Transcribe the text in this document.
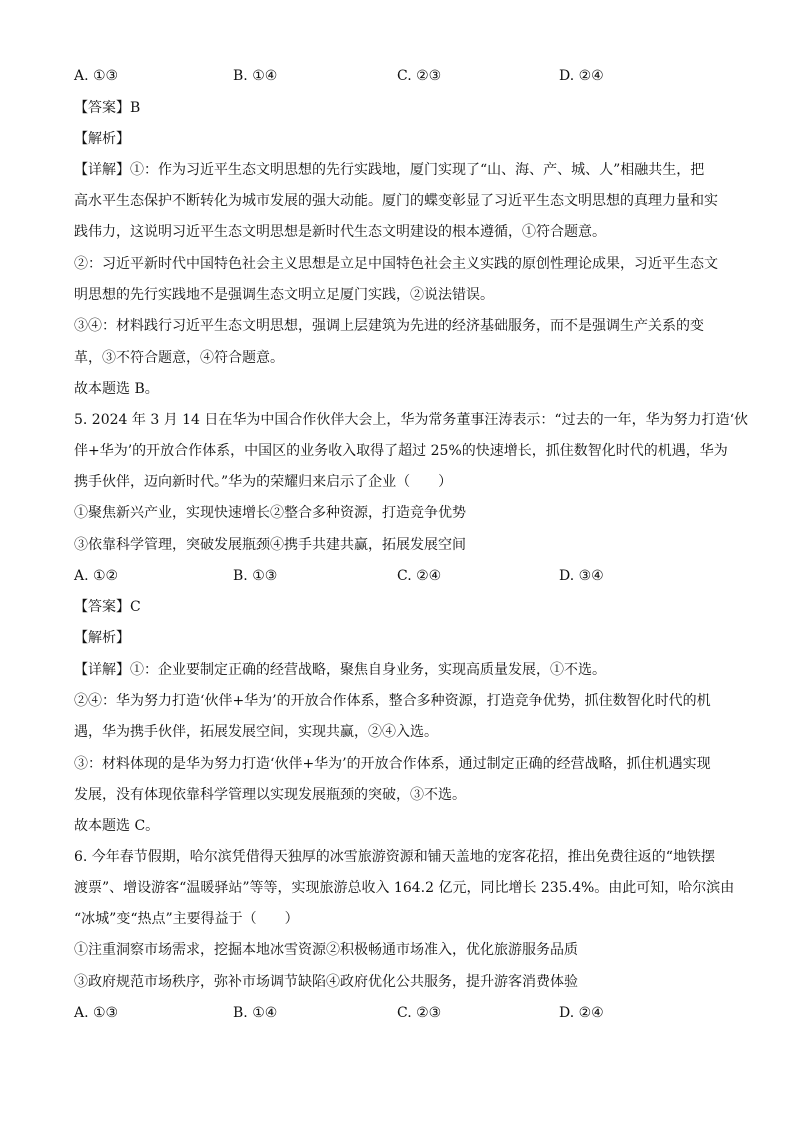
A. ①③	B. ①④	C. ②③	D. ②④
【答案】B
【解析】
【详解】①：作为习近平生态文明思想的先行实践地，厦门实现了“山、海、产、城、人”相融共生，把
高水平生态保护不断转化为城市发展的强大动能。厦门的蝶变彰显了习近平生态文明思想的真理力量和实
践伟力，这说明习近平生态文明思想是新时代生态文明建设的根本遵循，①符合题意。
②：习近平新时代中国特色社会主义思想是立足中国特色社会主义实践的原创性理论成果，习近平生态文
明思想的先行实践地不是强调生态文明立足厦门实践，②说法错误。
③④：材料践行习近平生态文明思想，强调上层建筑为先进的经济基础服务，而不是强调生产关系的变
革，③不符合题意，④符合题意。
故本题选 B。
5. 2024 年 3 月 14 日在华为中国合作伙伴大会上，华为常务董事汪涛表示：“过去的一年，华为努力打造‘伙
伴+华为’的开放合作体系，中国区的业务收入取得了超过 25%的快速增长，抓住数智化时代的机遇，华为
携手伙伴，迈向新时代。”华为的荣耀归来启示了企业（　　）
①聚焦新兴产业，实现快速增长②整合多种资源，打造竞争优势
③依靠科学管理，突破发展瓶颈④携手共建共赢，拓展发展空间
A. ①②	B. ①③	C. ②④	D. ③④
【答案】C
【解析】
【详解】①：企业要制定正确的经营战略，聚焦自身业务，实现高质量发展，①不选。
②④：华为努力打造‘伙伴+华为’的开放合作体系，整合多种资源，打造竞争优势，抓住数智化时代的机
遇，华为携手伙伴，拓展发展空间，实现共赢，②④入选。
③：材料体现的是华为努力打造‘伙伴+华为’的开放合作体系，通过制定正确的经营战略，抓住机遇实现
发展，没有体现依靠科学管理以实现发展瓶颈的突破，③不选。
故本题选 C。
6. 今年春节假期，哈尔滨凭借得天独厚的冰雪旅游资源和铺天盖地的宠客花招，推出免费往返的“地铁摆
渡票”、增设游客“温暖驿站”等等，实现旅游总收入 164.2 亿元，同比增长 235.4%。由此可知，哈尔滨由
“冰城”变“热点”主要得益于（　　）
①注重洞察市场需求，挖掘本地冰雪资源②积极畅通市场准入，优化旅游服务品质
③政府规范市场秩序，弥补市场调节缺陷④政府优化公共服务，提升游客消费体验
A. ①③	B. ①④	C. ②③	D. ②④
